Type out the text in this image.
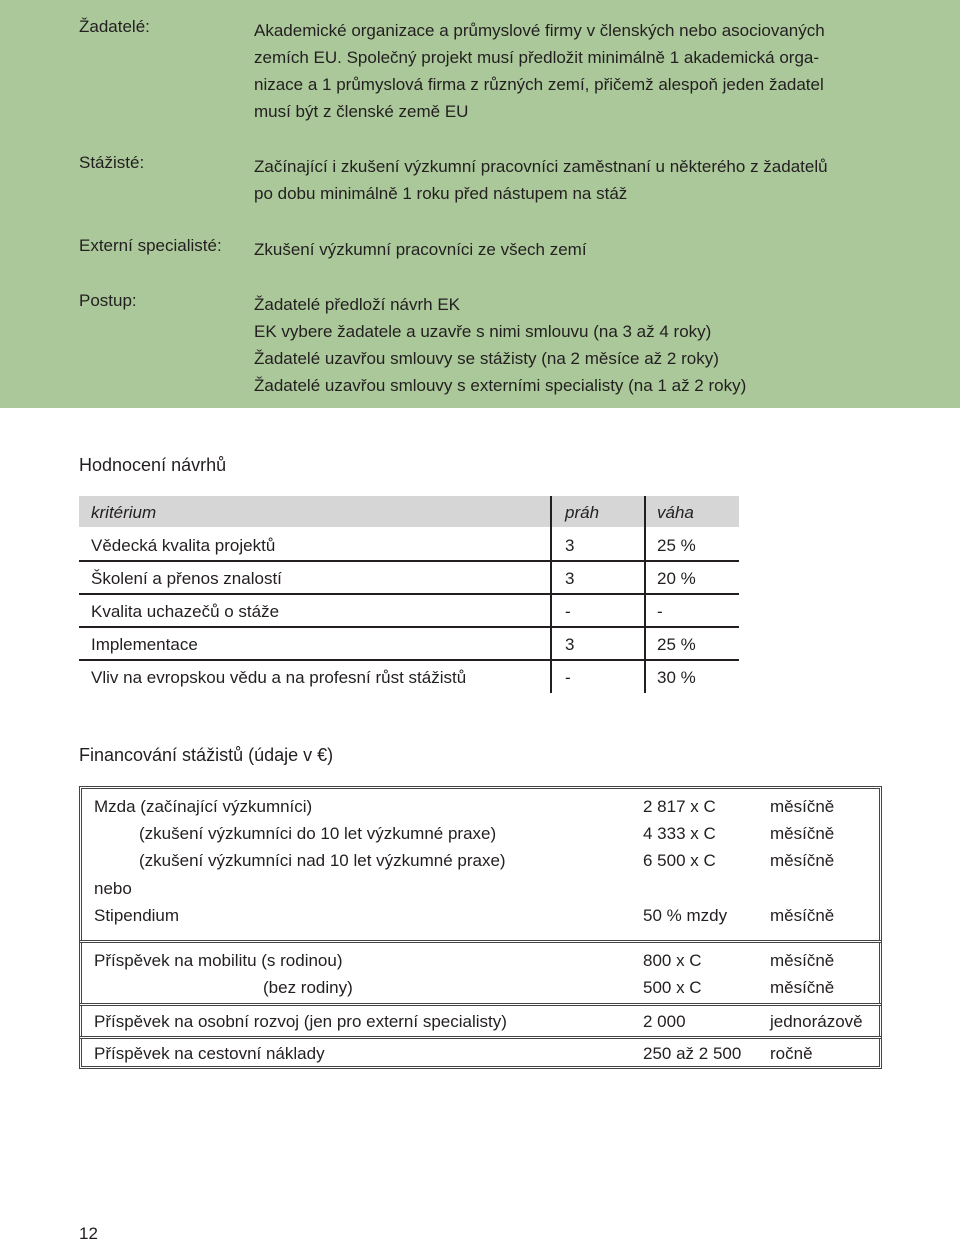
Žadatelé:	Akademické organizace a průmyslové firmy v členských nebo asociovaných
zemích EU. Společný projekt musí předložit minimálně 1 akademická orga-
nizace a 1 průmyslová firma z různých zemí, přičemž alespoň jeden žadatel
musí být z členské země EU
Stážisté:	Začínající i zkušení výzkumní pracovníci zaměstnaní u některého z žadatelů
po dobu minimálně 1 roku před nástupem na stáž
Externí specialisté: Zkušení výzkumní pracovníci ze všech zemí
Postup:	Žadatelé předloží návrh EK
EK vybere žadatele a uzavře s nimi smlouvu (na 3 až 4 roky)
Žadatelé uzavřou smlouvy se stážisty (na 2 měsíce až 2 roky)
Žadatelé uzavřou smlouvy s externími specialisty (na 1 až 2 roky)
Hodnocení návrhů
kritérium	práh	váha
Vědecká kvalita projektů	3	25 %
Školení a přenos znalostí	3	20 %
Kvalita uchazečů o stáže	-	-
Implementace	3	25 %
Vliv na evropskou vědu a na profesní růst stážistů	-	30 %
Financování stážistů (údaje v €)
Mzda (začínající výzkumníci)	2 817 x C	měsíčně
(zkušení výzkumníci do 10 let výzkumné praxe)	4 333 x C	měsíčně
(zkušení výzkumníci nad 10 let výzkumné praxe)	6 500 x C	měsíčně
nebo
Stipendium	50 % mzdy	měsíčně
Příspěvek na mobilitu (s rodinou)	800 x C	měsíčně
(bez rodiny)	500 x C	měsíčně
Příspěvek na osobní rozvoj (jen pro externí specialisty)	2 000	jednorázově
Příspěvek na cestovní náklady	250 až 2 500 ročně
12
